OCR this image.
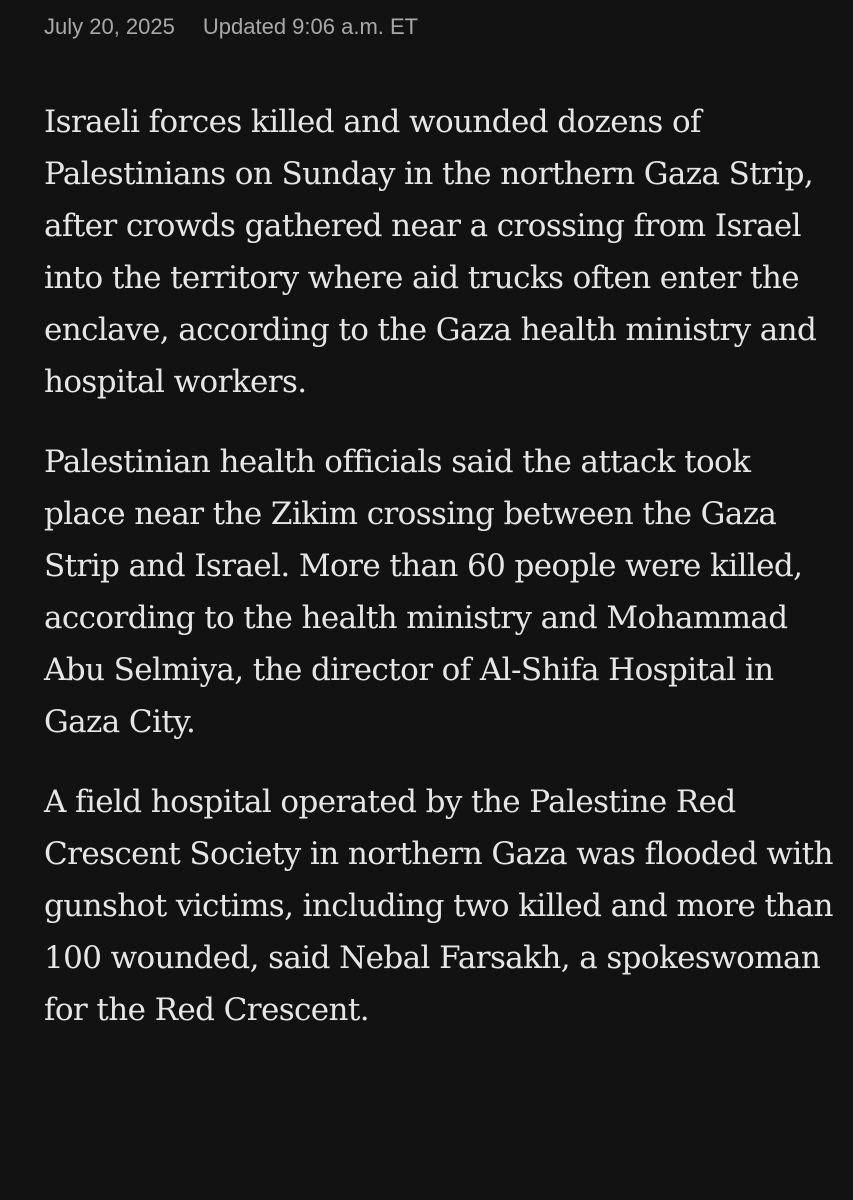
July 20, 2025 Updated 9:06 a.m. ET

Israeli forces killed and wounded dozens of Palestinians on Sunday in the northern Gaza Strip, after crowds gathered near a crossing from Israel into the territory where aid trucks often enter the enclave, according to the Gaza health ministry and hospital workers.

Palestinian health officials said the attack took place near the Zikim crossing between the Gaza Strip and Israel. More than 60 people were killed, according to the health ministry and Mohammad Abu Selmiya, the director of Al-Shifa Hospital in Gaza City.

A field hospital operated by the Palestine Red Crescent Society in northern Gaza was flooded with gunshot victims, including two killed and more than 100 wounded, said Nebal Farsakh, a spokeswoman for the Red Crescent.
